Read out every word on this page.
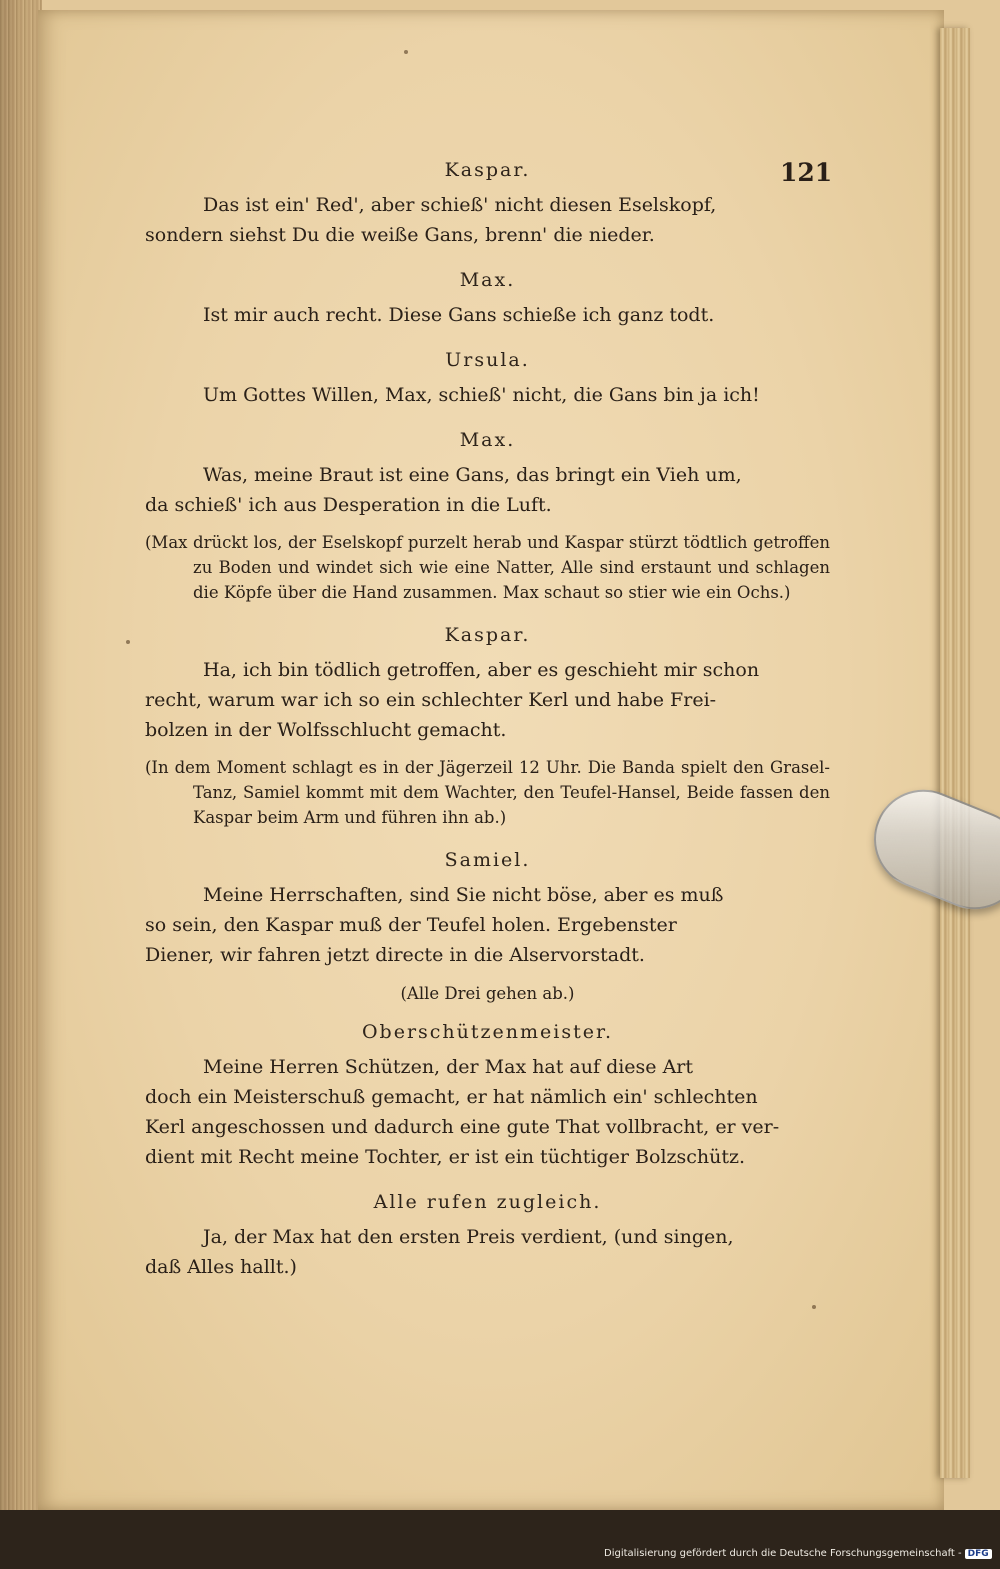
121

Kaspar.

Das ist ein' Red', aber schieß' nicht diesen Eselskopf,

sondern siehst Du die weiße Gans, brenn' die nieder.

Max.

Ist mir auch recht. Diese Gans schieße ich ganz todt.

Ursula.

Um Gottes Willen, Max, schieß' nicht, die Gans bin ja ich!

Max.

Was, meine Braut ist eine Gans, das bringt ein Vieh um,

da schieß' ich aus Desperation in die Luft.

(Max drückt los, der Eselskopf purzelt herab und Kaspar stürzt tödtlich getroffen zu Boden und windet sich wie eine Natter, Alle sind erstaunt und schlagen die Köpfe über die Hand zusammen. Max schaut so stier wie ein Ochs.)

Kaspar.

Ha, ich bin tödlich getroffen, aber es geschieht mir schon

recht, warum war ich so ein schlechter Kerl und habe Frei-

bolzen in der Wolfsschlucht gemacht.

(In dem Moment schlagt es in der Jägerzeil 12 Uhr. Die Banda spielt den Grasel-Tanz, Samiel kommt mit dem Wachter, den Teufel-Hansel, Beide fassen den Kaspar beim Arm und führen ihn ab.)

Samiel.

Meine Herrschaften, sind Sie nicht böse, aber es muß

so sein, den Kaspar muß der Teufel holen. Ergebenster

Diener, wir fahren jetzt directe in die Alservorstadt.

(Alle Drei gehen ab.)

Oberschützenmeister.

Meine Herren Schützen, der Max hat auf diese Art

doch ein Meisterschuß gemacht, er hat nämlich ein' schlechten

Kerl angeschossen und dadurch eine gute That vollbracht, er ver-

dient mit Recht meine Tochter, er ist ein tüchtiger Bolzschütz.

Alle rufen zugleich.

Ja, der Max hat den ersten Preis verdient, (und singen,

daß Alles hallt.)

Digitalisierung gefördert durch die Deutsche Forschungsgemeinschaft - DFG
